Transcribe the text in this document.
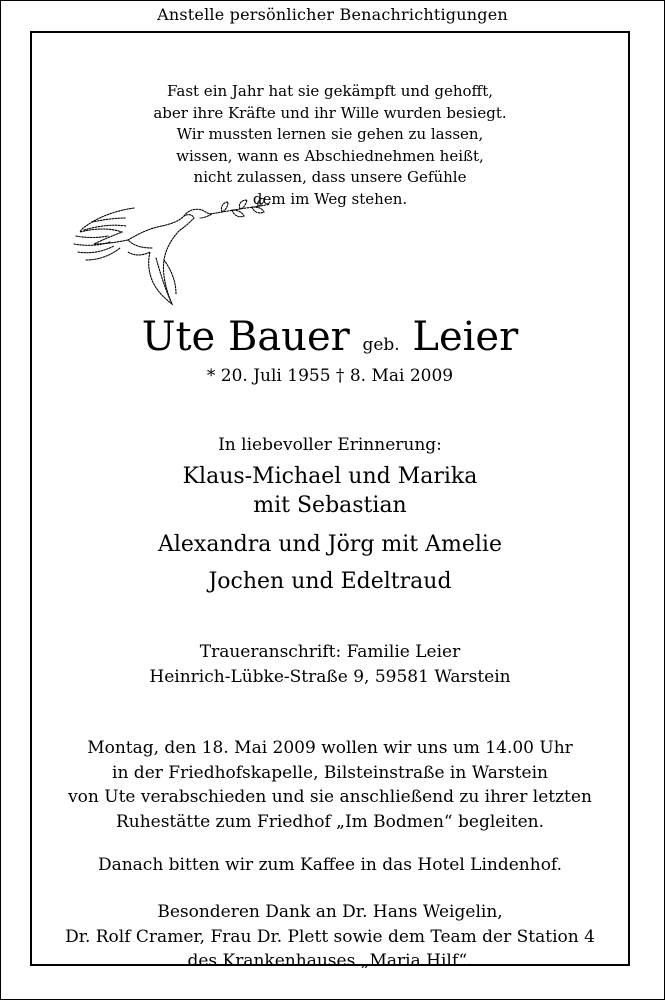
Anstelle persönlicher Benachrichtigungen
Fast ein Jahr hat sie gekämpft und gehofft,
aber ihre Kräfte und ihr Wille wurden besiegt.
Wir mussten lernen sie gehen zu lassen,
wissen, wann es Abschiednehmen heißt,
nicht zulassen, dass unsere Gefühle
dem im Weg stehen.
Ute Bauer geb. Leier
* 20. Juli 1955 † 8. Mai 2009
In liebevoller Erinnerung:
Klaus-Michael und Marika
mit Sebastian
Alexandra und Jörg mit Amelie
Jochen und Edeltraud
Traueranschrift: Familie Leier
Heinrich-Lübke-Straße 9, 59581 Warstein
Montag, den 18. Mai 2009 wollen wir uns um 14.00 Uhr
in der Friedhofskapelle, Bilsteinstraße in Warstein
von Ute verabschieden und sie anschließend zu ihrer letzten
Ruhestätte zum Friedhof „Im Bodmen“ begleiten.
Danach bitten wir zum Kaffee in das Hotel Lindenhof.
Besonderen Dank an Dr. Hans Weigelin,
Dr. Rolf Cramer, Frau Dr. Plett sowie dem Team der Station 4
des Krankenhauses „Maria Hilf“.
